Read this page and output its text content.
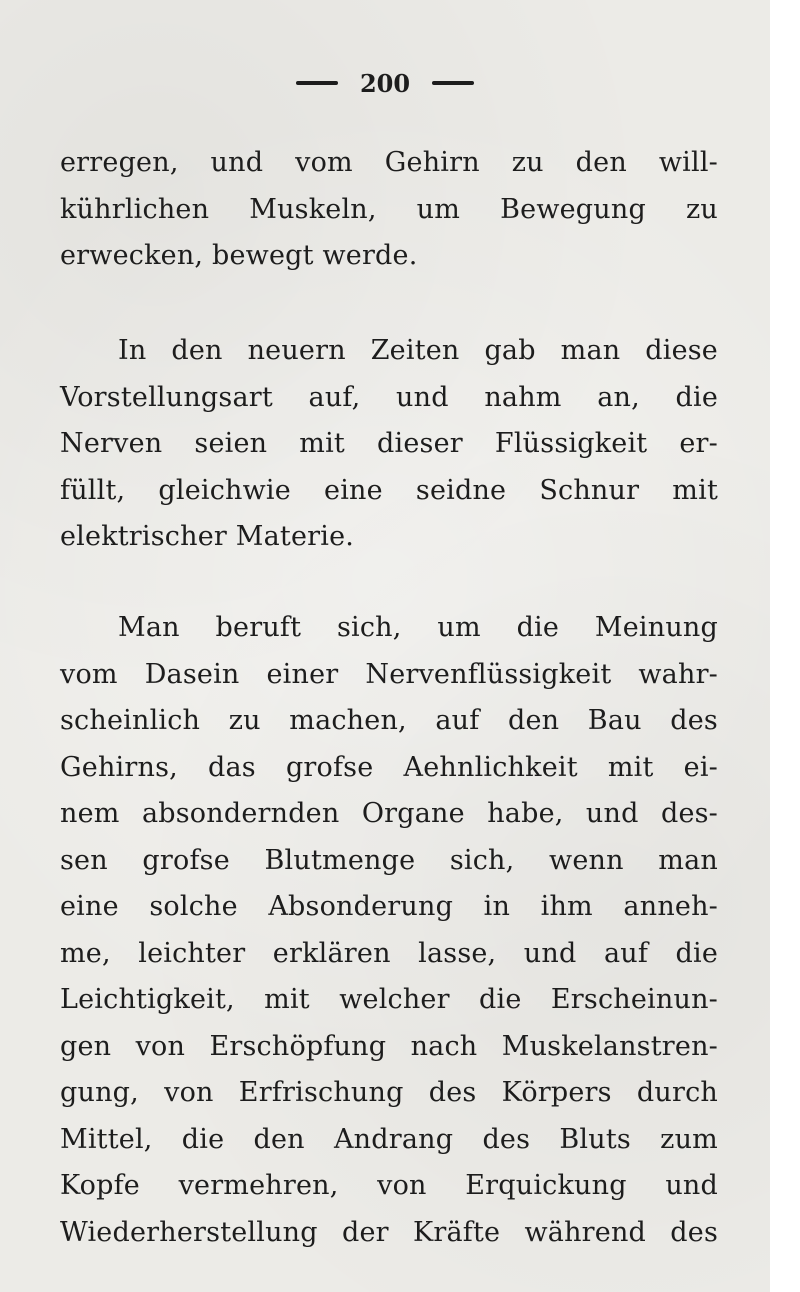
200
erregen, und vom Gehirn zu den will-
kührlichen Muskeln, um Bewegung zu
erwecken, bewegt werde.
In den neuern Zeiten gab man diese
Vorstellungsart auf, und nahm an, die
Nerven seien mit dieser Flüssigkeit er-
füllt, gleichwie eine seidne Schnur mit
elektrischer Materie.
Man beruft sich, um die Meinung
vom Dasein einer Nervenflüssigkeit wahr-
scheinlich zu machen, auf den Bau des
Gehirns, das grofse Aehnlichkeit mit ei-
nem absondernden Organe habe, und des-
sen grofse Blutmenge sich, wenn man
eine solche Absonderung in ihm anneh-
me, leichter erklären lasse, und auf die
Leichtigkeit, mit welcher die Erscheinun-
gen von Erschöpfung nach Muskelanstren-
gung, von Erfrischung des Körpers durch
Mittel, die den Andrang des Bluts zum
Kopfe vermehren, von Erquickung und
Wiederherstellung der Kräfte während des
